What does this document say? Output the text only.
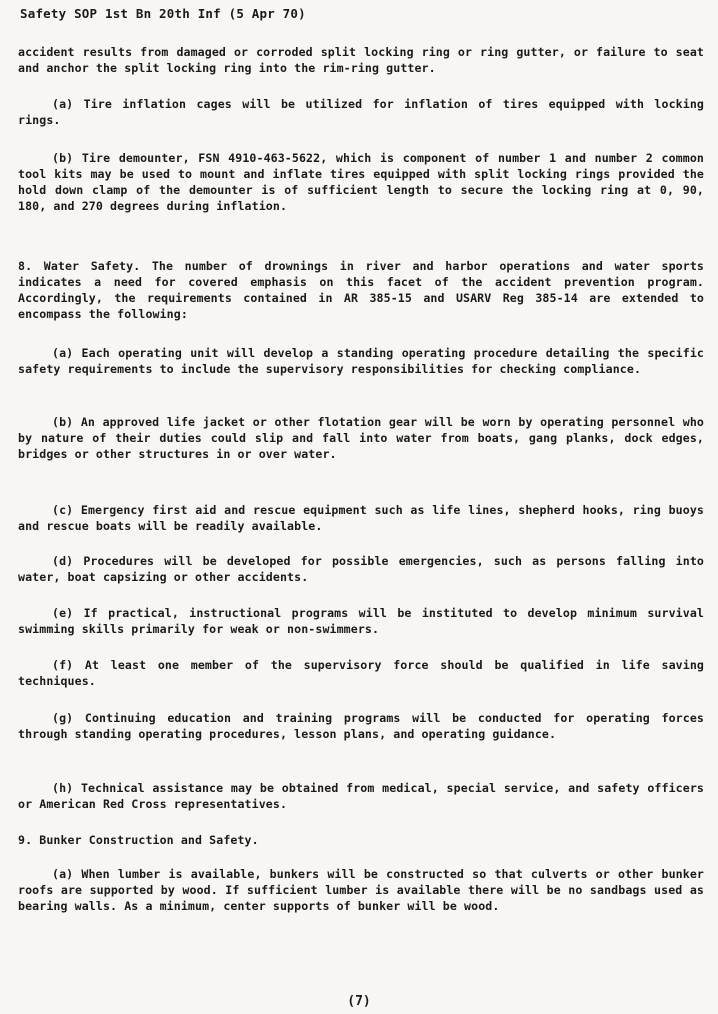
Safety SOP 1st Bn 20th Inf (5 Apr 70)

accident results from damaged or corroded split locking ring or ring gutter, or failure to seat and anchor the split locking ring into the rim-ring gutter.

(a) Tire inflation cages will be utilized for inflation of tires equipped with locking rings.

(b) Tire demounter, FSN 4910-463-5622, which is component of number 1 and number 2 common tool kits may be used to mount and inflate tires equipped with split locking rings provided the hold down clamp of the demounter is of sufficient length to secure the locking ring at 0, 90, 180, and 270 degrees during inflation.

8. Water Safety. The number of drownings in river and harbor operations and water sports indicates a need for covered emphasis on this facet of the accident prevention program. Accordingly, the requirements contained in AR 385-15 and USARV Reg 385-14 are extended to encompass the following:

(a) Each operating unit will develop a standing operating procedure detailing the specific safety requirements to include the supervisory responsibilities for checking compliance.

(b) An approved life jacket or other flotation gear will be worn by operating personnel who by nature of their duties could slip and fall into water from boats, gang planks, dock edges, bridges or other structures in or over water.

(c) Emergency first aid and rescue equipment such as life lines, shepherd hooks, ring buoys and rescue boats will be readily available.

(d) Procedures will be developed for possible emergencies, such as persons falling into water, boat capsizing or other accidents.

(e) If practical, instructional programs will be instituted to develop minimum survival swimming skills primarily for weak or non-swimmers.

(f) At least one member of the supervisory force should be qualified in life saving techniques.

(g) Continuing education and training programs will be conducted for operating forces through standing operating procedures, lesson plans, and operating guidance.

(h) Technical assistance may be obtained from medical, special service, and safety officers or American Red Cross representatives.

9. Bunker Construction and Safety.

(a) When lumber is available, bunkers will be constructed so that culverts or other bunker roofs are supported by wood. If sufficient lumber is available there will be no sandbags used as bearing walls. As a minimum, center supports of bunker will be wood.

(7)
